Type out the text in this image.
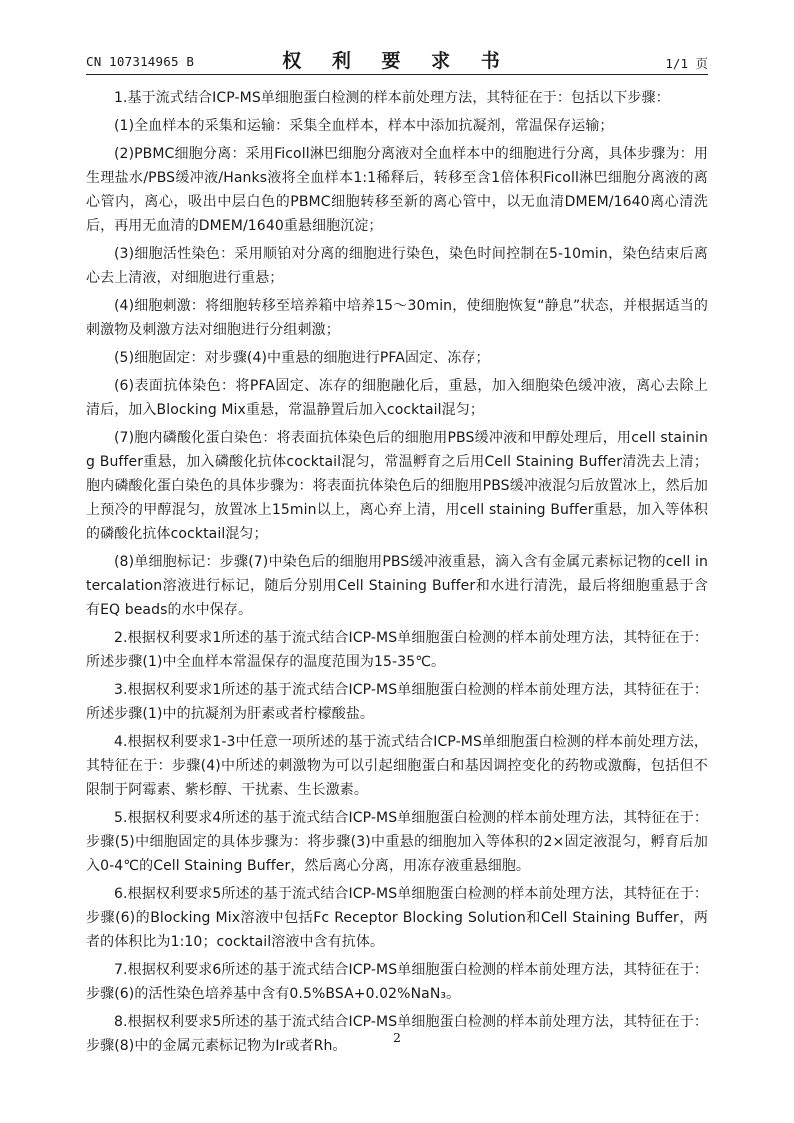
CN 107314965 B	权 利 要 求 书	1/1 页

1.基于流式结合ICP-MS单细胞蛋白检测的样本前处理方法，其特征在于：包括以下步骤：

(1)全血样本的采集和运输：采集全血样本，样本中添加抗凝剂，常温保存运输；

(2)PBMC细胞分离：采用Ficoll淋巴细胞分离液对全血样本中的细胞进行分离，具体步骤为：用生理盐水/PBS缓冲液/Hanks液将全血样本1:1稀释后，转移至含1倍体积Ficoll淋巴细胞分离液的离心管内，离心，吸出中层白色的PBMC细胞转移至新的离心管中，以无血清DMEM/1640离心清洗后，再用无血清的DMEM/1640重悬细胞沉淀；

(3)细胞活性染色：采用顺铂对分离的细胞进行染色，染色时间控制在5-10min，染色结束后离心去上清液，对细胞进行重悬；

(4)细胞刺激：将细胞转移至培养箱中培养15～30min，使细胞恢复“静息”状态，并根据适当的刺激物及刺激方法对细胞进行分组刺激；

(5)细胞固定：对步骤(4)中重悬的细胞进行PFA固定、冻存；

(6)表面抗体染色：将PFA固定、冻存的细胞融化后，重悬，加入细胞染色缓冲液，离心去除上清后，加入Blocking Mix重悬，常温静置后加入cocktail混匀；

(7)胞内磷酸化蛋白染色：将表面抗体染色后的细胞用PBS缓冲液和甲醇处理后，用cell staining Buffer重悬，加入磷酸化抗体cocktail混匀，常温孵育之后用Cell Staining Buffer清洗去上清；胞内磷酸化蛋白染色的具体步骤为：将表面抗体染色后的细胞用PBS缓冲液混匀后放置冰上，然后加上预冷的甲醇混匀，放置冰上15min以上，离心弃上清，用cell staining Buffer重悬，加入等体积的磷酸化抗体cocktail混匀；

(8)单细胞标记：步骤(7)中染色后的细胞用PBS缓冲液重悬，滴入含有金属元素标记物的cell intercalation溶液进行标记，随后分别用Cell Staining Buffer和水进行清洗，最后将细胞重悬于含有EQ beads的水中保存。

2.根据权利要求1所述的基于流式结合ICP-MS单细胞蛋白检测的样本前处理方法，其特征在于：所述步骤(1)中全血样本常温保存的温度范围为15-35℃。

3.根据权利要求1所述的基于流式结合ICP-MS单细胞蛋白检测的样本前处理方法，其特征在于：所述步骤(1)中的抗凝剂为肝素或者柠檬酸盐。

4.根据权利要求1-3中任意一项所述的基于流式结合ICP-MS单细胞蛋白检测的样本前处理方法，其特征在于：步骤(4)中所述的刺激物为可以引起细胞蛋白和基因调控变化的药物或激酶，包括但不限制于阿霉素、紫杉醇、干扰素、生长激素。

5.根据权利要求4所述的基于流式结合ICP-MS单细胞蛋白检测的样本前处理方法，其特征在于：步骤(5)中细胞固定的具体步骤为：将步骤(3)中重悬的细胞加入等体积的2×固定液混匀，孵育后加入0-4℃的Cell Staining Buffer，然后离心分离，用冻存液重悬细胞。

6.根据权利要求5所述的基于流式结合ICP-MS单细胞蛋白检测的样本前处理方法，其特征在于：步骤(6)的Blocking Mix溶液中包括Fc Receptor Blocking Solution和Cell Staining Buffer，两者的体积比为1:10；cocktail溶液中含有抗体。

7.根据权利要求6所述的基于流式结合ICP-MS单细胞蛋白检测的样本前处理方法，其特征在于：步骤(6)的活性染色培养基中含有0.5%BSA+0.02%NaN₃。

8.根据权利要求5所述的基于流式结合ICP-MS单细胞蛋白检测的样本前处理方法，其特征在于：步骤(8)中的金属元素标记物为Ir或者Rh。

2
